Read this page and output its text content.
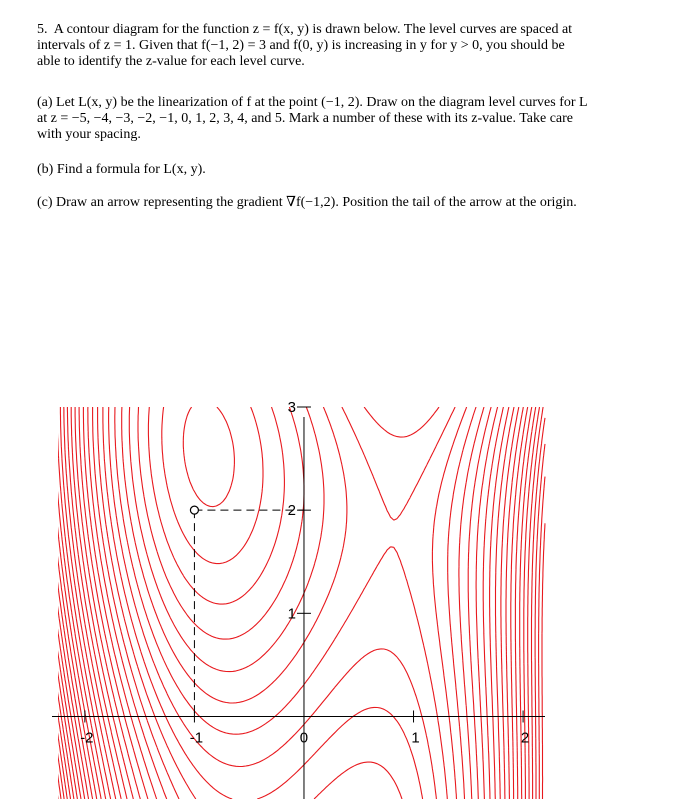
5. A contour diagram for the function z = f(x, y) is drawn below. The level curves are spaced at
intervals of z = 1. Given that f(−1, 2) = 3 and f(0, y) is increasing in y for y > 0, you should be
able to identify the z-value for each level curve.

(a) Let L(x, y) be the linearization of f at the point (−1, 2). Draw on the diagram level curves for L
at z = −5, −4, −3, −2, −1, 0, 1, 2, 3, 4, and 5. Mark a number of these with its z-value. Take care
with your spacing.

(b) Find a formula for L(x, y).

(c) Draw an arrow representing the gradient ∇f(−1,2). Position the tail of the arrow at the origin.

-2	-1	0	1	2
1
2
3
